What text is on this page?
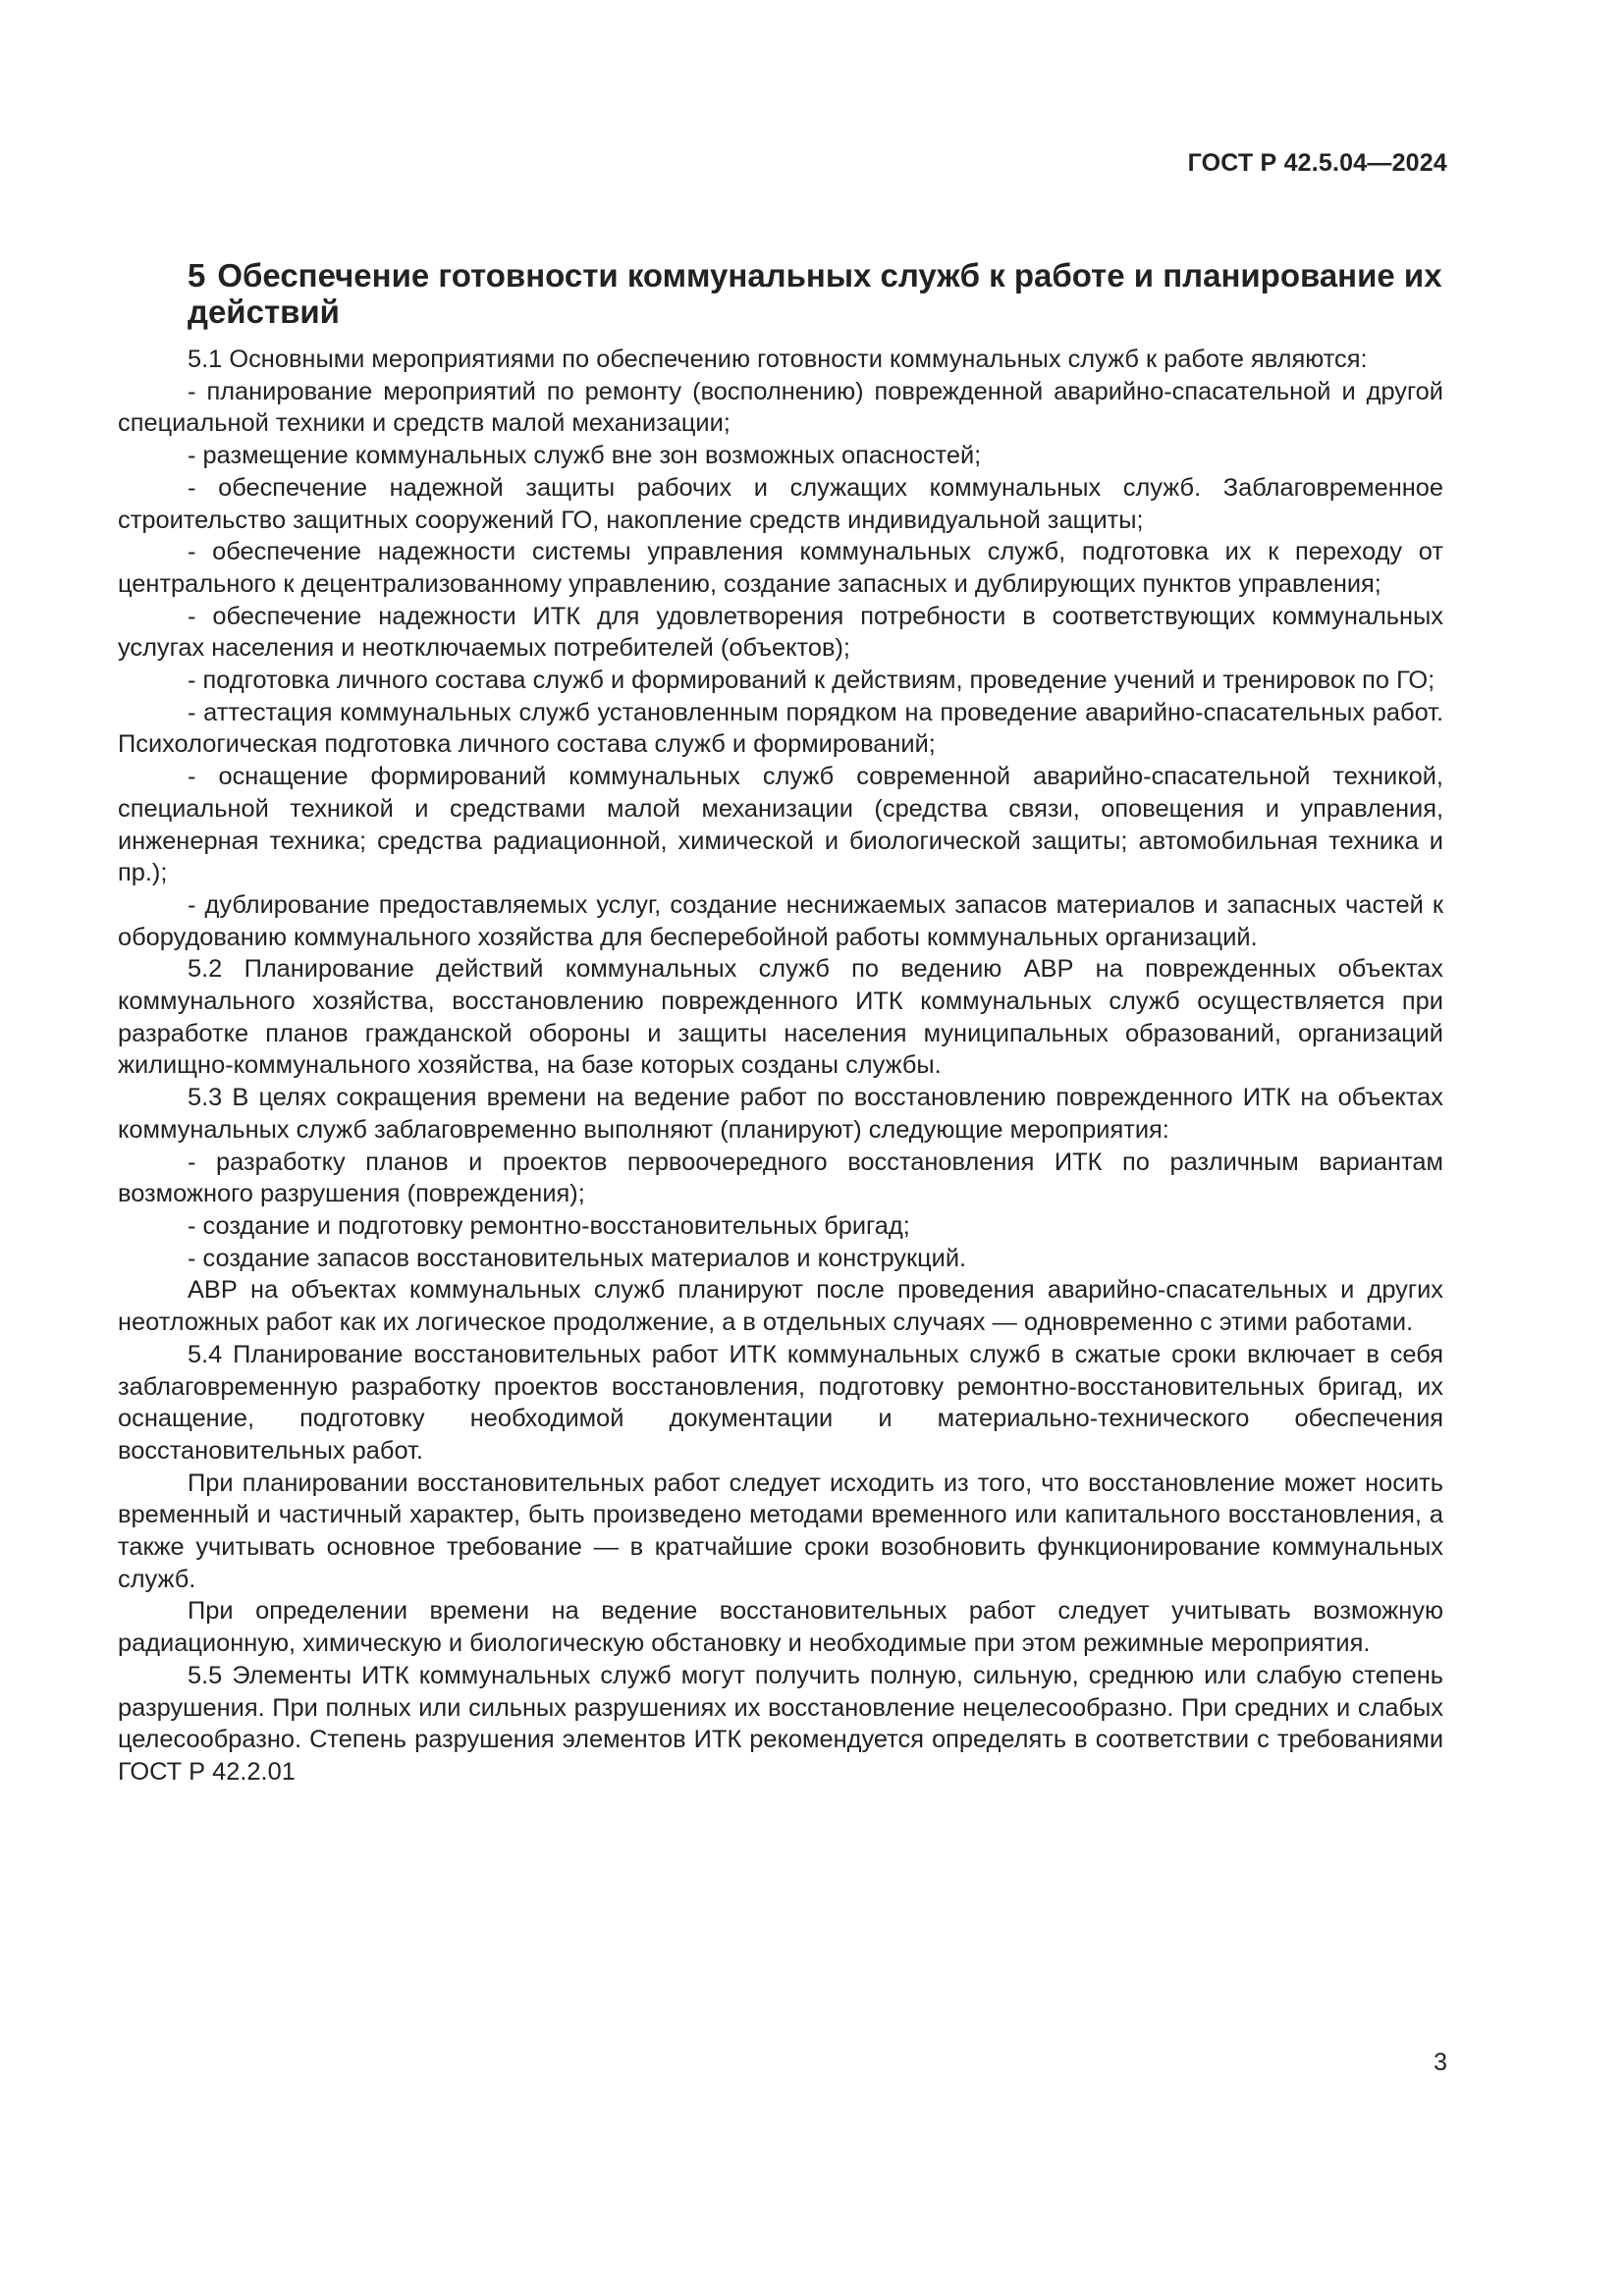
ГОСТ Р 42.5.04—2024
5 Обеспечение готовности коммунальных служб к работе и планирование их действий

5.1 Основными мероприятиями по обеспечению готовности коммунальных служб к работе являются:

- планирование мероприятий по ремонту (восполнению) поврежденной аварийно-спасательной и другой специальной техники и средств малой механизации;

- размещение коммунальных служб вне зон возможных опасностей;

- обеспечение надежной защиты рабочих и служащих коммунальных служб. Заблаговременное строительство защитных сооружений ГО, накопление средств индивидуальной защиты;

- обеспечение надежности системы управления коммунальных служб, подготовка их к переходу от центрального к децентрализованному управлению, создание запасных и дублирующих пунктов управления;

- обеспечение надежности ИТК для удовлетворения потребности в соответствующих коммунальных услугах населения и неотключаемых потребителей (объектов);

- подготовка личного состава служб и формирований к действиям, проведение учений и тренировок по ГО;

- аттестация коммунальных служб установленным порядком на проведение аварийно-спасательных работ. Психологическая подготовка личного состава служб и формирований;

- оснащение формирований коммунальных служб современной аварийно-спасательной техникой, специальной техникой и средствами малой механизации (средства связи, оповещения и управления, инженерная техника; средства радиационной, химической и биологической защиты; автомобильная техника и пр.);

- дублирование предоставляемых услуг, создание неснижаемых запасов материалов и запасных частей к оборудованию коммунального хозяйства для бесперебойной работы коммунальных организаций.

5.2 Планирование действий коммунальных служб по ведению АВР на поврежденных объектах коммунального хозяйства, восстановлению поврежденного ИТК коммунальных служб осуществляется при разработке планов гражданской обороны и защиты населения муниципальных образований, организаций жилищно-коммунального хозяйства, на базе которых созданы службы.

5.3 В целях сокращения времени на ведение работ по восстановлению поврежденного ИТК на объектах коммунальных служб заблаговременно выполняют (планируют) следующие мероприятия:

- разработку планов и проектов первоочередного восстановления ИТК по различным вариантам возможного разрушения (повреждения);

- создание и подготовку ремонтно-восстановительных бригад;

- создание запасов восстановительных материалов и конструкций.

АВР на объектах коммунальных служб планируют после проведения аварийно-спасательных и других неотложных работ как их логическое продолжение, а в отдельных случаях — одновременно с этими работами.

5.4 Планирование восстановительных работ ИТК коммунальных служб в сжатые сроки включает в себя заблаговременную разработку проектов восстановления, подготовку ремонтно-восстановительных бригад, их оснащение, подготовку необходимой документации и материально-технического обеспечения восстановительных работ.

При планировании восстановительных работ следует исходить из того, что восстановление может носить временный и частичный характер, быть произведено методами временного или капитального восстановления, а также учитывать основное требование — в кратчайшие сроки возобновить функционирование коммунальных служб.

При определении времени на ведение восстановительных работ следует учитывать возможную радиационную, химическую и биологическую обстановку и необходимые при этом режимные мероприятия.

5.5 Элементы ИТК коммунальных служб могут получить полную, сильную, среднюю или слабую степень разрушения. При полных или сильных разрушениях их восстановление нецелесообразно. При средних и слабых целесообразно. Степень разрушения элементов ИТК рекомендуется определять в соответствии с требованиями ГОСТ Р 42.2.01

3
